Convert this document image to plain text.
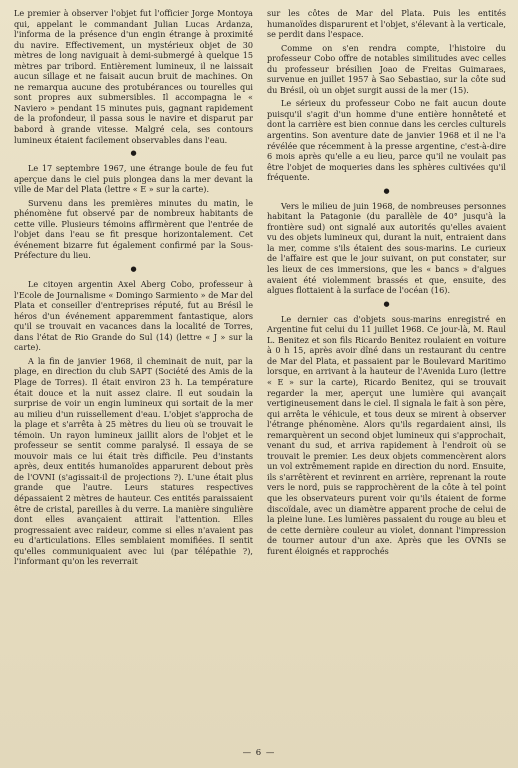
Le premier à observer l'objet fut l'officier Jorge Montoya qui, appelant le commandant Julian Lucas Ardanza, l'informa de la présence d'un engin étrange à proximité du navire. Effectivement, un mystérieux objet de 30 mètres de long naviguait à demi-submergé à quelque 15 mètres par tribord. Entièrement lumineux, il ne laissait aucun sillage et ne faisait aucun bruit de machines. On ne remarqua aucune des protubérances ou tourelles qui sont propres aux submersibles. Il accompagna le « Naviero » pendant 15 minutes puis, gagnant rapidement de la profondeur, il passa sous le navire et disparut par babord à grande vitesse. Malgré cela, ses contours lumineux étaient facilement observables dans l'eau.

●

Le 17 septembre 1967, une étrange boule de feu fut aperçue dans le ciel puis plongea dans la mer devant la ville de Mar del Plata (lettre « E » sur la carte).

Survenu dans les premières minutes du matin, le phénomène fut observé par de nombreux habitants de cette ville. Plusieurs témoins affirmèrent que l'entrée de l'objet dans l'eau se fit presque horizontalement. Cet événement bizarre fut également confirmé par la Sous-Préfecture du lieu.

●

Le citoyen argentin Axel Aberg Cobo, professeur à l'Ecole de Journalisme « Domingo Sarmiento » de Mar del Plata et conseiller d'entreprises réputé, fut au Brésil le héros d'un événement apparemment fantastique, alors qu'il se trouvait en vacances dans la localité de Torres, dans l'état de Rio Grande do Sul (14) (lettre « J » sur la carte).

A la fin de janvier 1968, il cheminait de nuit, par la plage, en direction du club SAPT (Société des Amis de la Plage de Torres). Il était environ 23 h. La température était douce et la nuit assez claire. Il eut soudain la surprise de voir un engin lumineux qui sortait de la mer au milieu d'un ruissellement d'eau. L'objet s'approcha de la plage et s'arrêta à 25 mètres du lieu où se trouvait le témoin. Un rayon lumineux jaillit alors de l'objet et le professeur se sentit comme paralysé. Il essaya de se mouvoir mais ce lui était très difficile. Peu d'instants après, deux entités humanoïdes apparurent debout près de l'OVNI (s'agissait-il de projections ?). L'une était plus grande que l'autre. Leurs statures respectives dépassaient 2 mètres de hauteur. Ces entités paraissaient être de cristal, pareilles à du verre. La manière singulière dont elles avançaient attirait l'attention. Elles progressaient avec raideur, comme si elles n'avaient pas eu d'articulations. Elles semblaient momifiées. Il sentit qu'elles communiquaient avec lui (par télépathie ?), l'informant qu'on les reverrait

sur les côtes de Mar del Plata. Puis les entités humanoïdes disparurent et l'objet, s'élevant à la verticale, se perdit dans l'espace.

Comme on s'en rendra compte, l'histoire du professeur Cobo offre de notables similitudes avec celles du professeur brésilien Joao de Freitas Guimaraes, survenue en juillet 1957 à Sao Sebastiao, sur la côte sud du Brésil, où un objet surgit aussi de la mer (15).

Le sérieux du professeur Cobo ne fait aucun doute puisqu'il s'agit d'un homme d'une entière honnêteté et dont la carrière est bien connue dans les cercles culturels argentins. Son aventure date de janvier 1968 et il ne l'a révélée que récemment à la presse argentine, c'est-à-dire 6 mois après qu'elle a eu lieu, parce qu'il ne voulait pas être l'objet de moqueries dans les sphères cultivées qu'il fréquente.

●

Vers le milieu de juin 1968, de nombreuses personnes habitant la Patagonie (du parallèle de 40° jusqu'à la frontière sud) ont signalé aux autorités qu'elles avaient vu des objets lumineux qui, durant la nuit, entraient dans la mer, comme s'ils étaient des sous-marins. Le curieux de l'affaire est que le jour suivant, on put constater, sur les lieux de ces immersions, que les « bancs » d'algues avaient été violemment brassés et que, ensuite, des algues flottaient à la surface de l'océan (16).

●

Le dernier cas d'objets sous-marins enregistré en Argentine fut celui du 11 juillet 1968. Ce jour-là, M. Raul L. Benitez et son fils Ricardo Benitez roulaient en voiture à 0 h 15, après avoir dîné dans un restaurant du centre de Mar del Plata, et passaient par le Boulevard Maritimo lorsque, en arrivant à la hauteur de l'Avenida Luro (lettre « E » sur la carte), Ricardo Benitez, qui se trouvait regarder la mer, aperçut une lumière qui avançait vertigineusement dans le ciel. Il signala le fait à son père, qui arrêta le véhicule, et tous deux se mirent à observer l'étrange phénomène. Alors qu'ils regardaient ainsi, ils remarquèrent un second objet lumineux qui s'approchait, venant du sud, et arriva rapidement à l'endroit où se trouvait le premier. Les deux objets commencèrent alors un vol extrêmement rapide en direction du nord. Ensuite, ils s'arrêtèrent et revinrent en arrière, reprenant la route vers le nord, puis se rapprochèrent de la côte à tel point que les observateurs purent voir qu'ils étaient de forme discoïdale, avec un diamètre apparent proche de celui de la pleine lune. Les lumières passaient du rouge au bleu et de cette dernière couleur au violet, donnant l'impression de tourner autour d'un axe. Après que les OVNIs se furent éloignés et rapprochés

— 6 —
